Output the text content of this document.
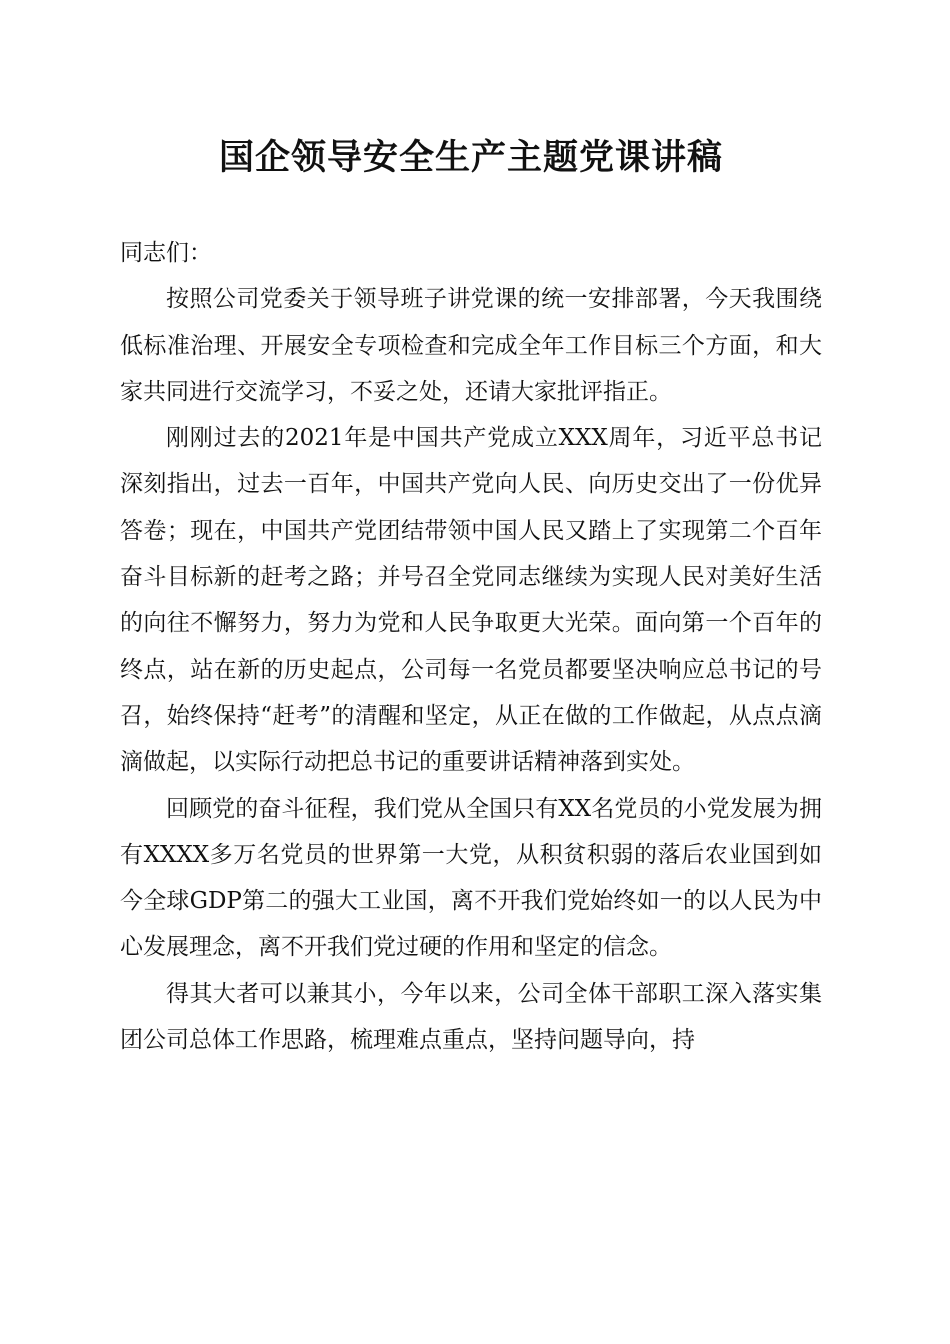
国企领导安全生产主题党课讲稿

同志们：

按照公司党委关于领导班子讲党课的统一安排部署，今天我围绕低标准治理、开展安全专项检查和完成全年工作目标三个方面，和大家共同进行交流学习，不妥之处，还请大家批评指正。

刚刚过去的2021年是中国共产党成立XXX周年，习近平总书记深刻指出，过去一百年，中国共产党向人民、向历史交出了一份优异答卷；现在，中国共产党团结带领中国人民又踏上了实现第二个百年奋斗目标新的赶考之路；并号召全党同志继续为实现人民对美好生活的向往不懈努力，努力为党和人民争取更大光荣。面向第一个百年的终点，站在新的历史起点，公司每一名党员都要坚决响应总书记的号召，始终保持“赶考”的清醒和坚定，从正在做的工作做起，从点点滴滴做起，以实际行动把总书记的重要讲话精神落到实处。

回顾党的奋斗征程，我们党从全国只有XX名党员的小党发展为拥有XXXX多万名党员的世界第一大党，从积贫积弱的落后农业国到如今全球GDP第二的强大工业国，离不开我们党始终如一的以人民为中心发展理念，离不开我们党过硬的作用和坚定的信念。

得其大者可以兼其小，今年以来，公司全体干部职工深入落实集团公司总体工作思路，梳理难点重点，坚持问题导向，持
